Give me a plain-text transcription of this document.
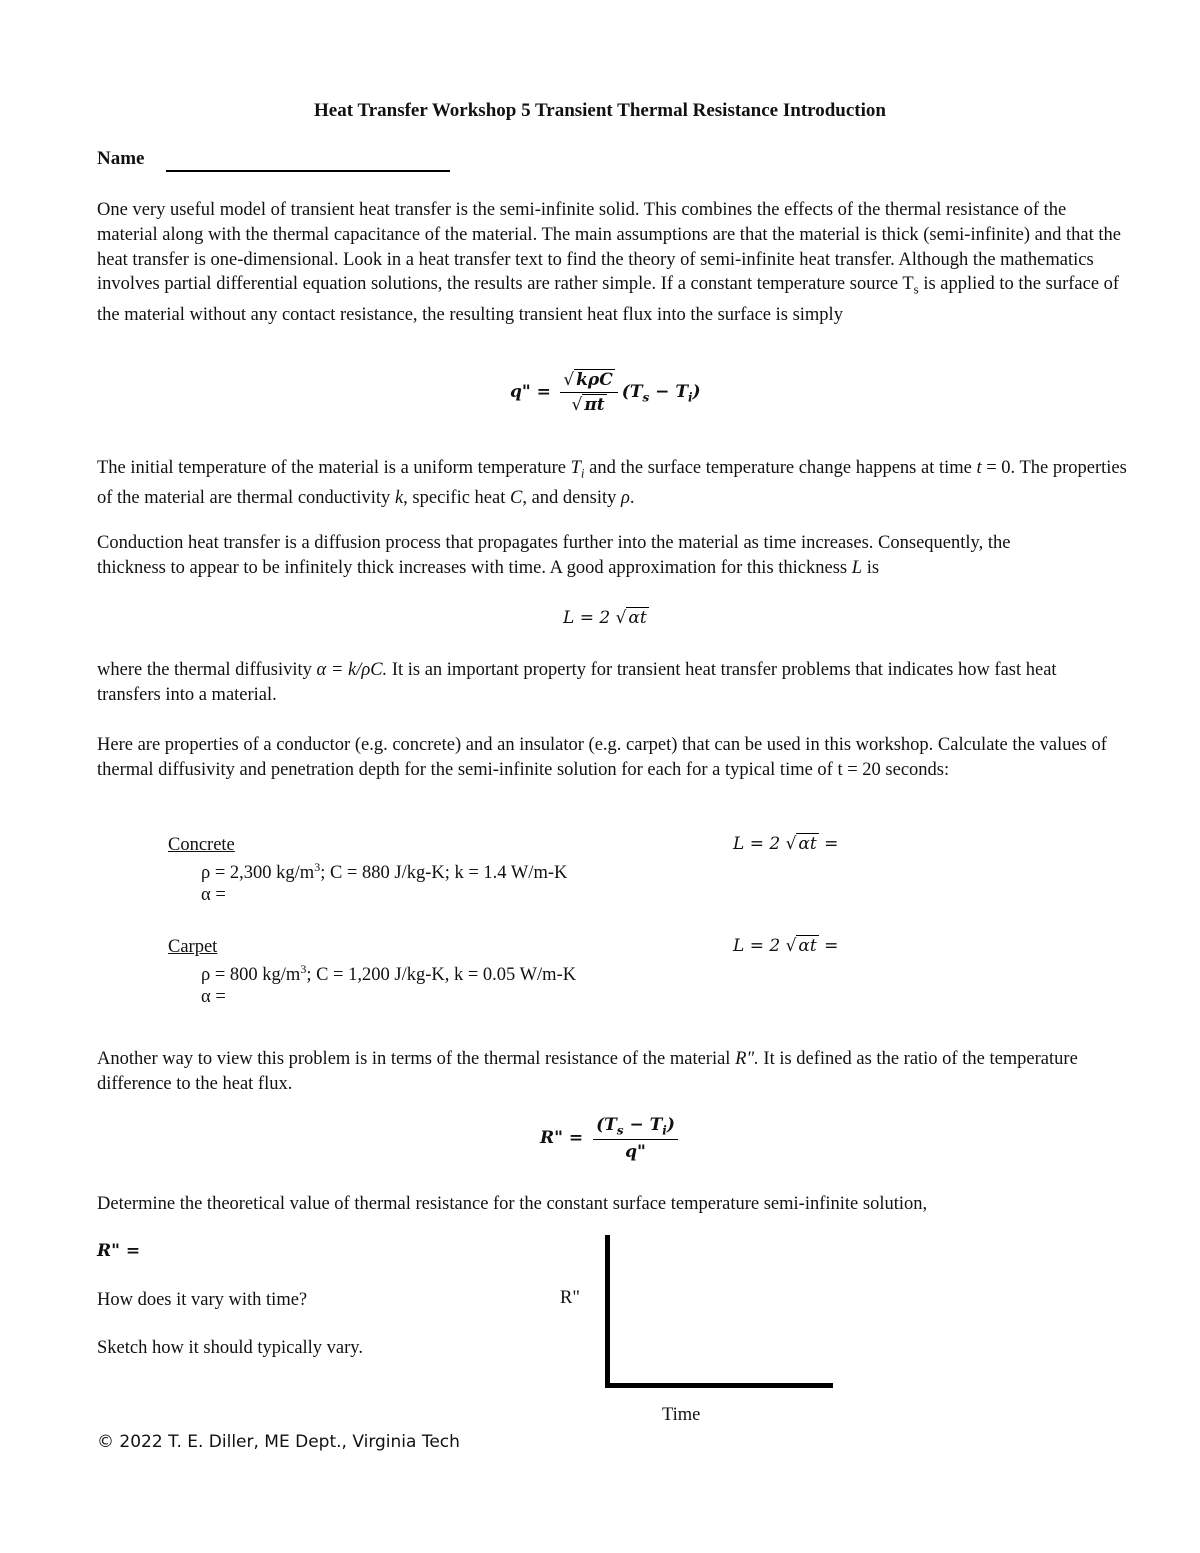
Heat Transfer Workshop 5 Transient Thermal Resistance Introduction
Name
One very useful model of transient heat transfer is the semi-infinite solid. This combines the effects of the thermal resistance of the material along with the thermal capacitance of the material. The main assumptions are that the material is thick (semi-infinite) and that the heat transfer is one-dimensional. Look in a heat transfer text to find the theory of semi-infinite heat transfer. Although the mathematics involves partial differential equation solutions, the results are rather simple. If a constant temperature source $T_s$ is applied to the surface of the material without any contact resistance, the resulting transient heat flux into the surface is simply
q" = $\frac{\text{√ kρC}}{√ \pi t} (T_s - T_i)$
The initial temperature of the material is a uniform temperature $T_i$ and the surface temperature change happens at time t = 0. The properties of the material are thermal conductivity k, specific heat C, and density ρ.
Conduction heat transfer is a diffusion process that propagates further into the material as time increases. Consequently, the thickness to appear to be infinitely thick increases with time. A good approximation for this thickness L is
L = 2 √ αt
where the thermal diffusivity α = k/ρC. It is an important property for transient heat transfer problems that indicates how fast heat transfers into a material.
Here are properties of a conductor (e.g. concrete) and an insulator (e.g. carpet) that can be used in this workshop. Calculate the values of thermal diffusivity and penetration depth for the semi-infinite solution for each for a typical time of t = 20 seconds:
Concrete
ρ = 2,300 $kg/m^3$; C = 880 J/kg-K; k = 1.4 W/m-K
α =
L = 2 √ αt =
Carpet
ρ = 800 $kg/m^3$; C = 1,200 J/kg-K, k = 0.05 W/m-K
α =
L = 2 √ αt =
Another way to view this problem is in terms of the thermal resistance of the material R". It is defined as the ratio of the temperature difference to the heat flux.
R" = $\frac{(T_s - T_i)}{q"}$
Determine the theoretical value of thermal resistance for the constant surface temperature semi-infinite solution,
R" =
How does it vary with time?
Sketch how it should typically vary.
R"
Time
© 2022 T. E. Diller, ME Dept., Virginia Tech
